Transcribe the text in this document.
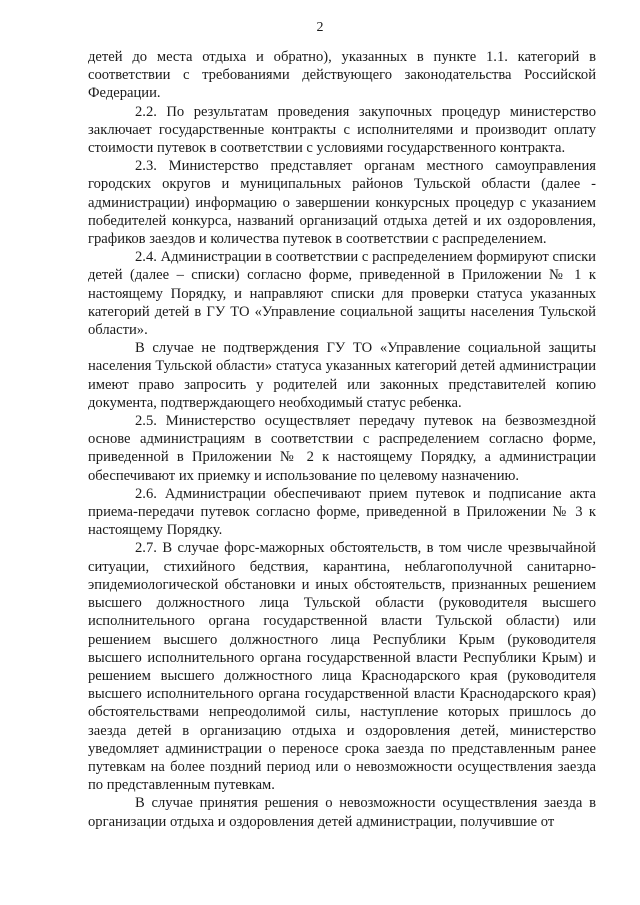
2

детей до места отдыха и обратно), указанных в пункте 1.1. категорий в соответствии с требованиями действующего законодательства Российской Федерации.

2.2. По результатам проведения закупочных процедур министерство заключает государственные контракты с исполнителями и производит оплату стоимости путевок в соответствии с условиями государственного контракта.

2.3. Министерство представляет органам местного самоуправления городских округов и муниципальных районов Тульской области (далее - администрации) информацию о завершении конкурсных процедур с указанием победителей конкурса, названий организаций отдыха детей и их оздоровления, графиков заездов и количества путевок в соответствии с распределением.

2.4. Администрации в соответствии с распределением формируют списки детей (далее – списки) согласно форме, приведенной в Приложении № 1 к настоящему Порядку, и направляют списки для проверки статуса указанных категорий детей в ГУ ТО «Управление социальной защиты населения Тульской области».

В случае не подтверждения ГУ ТО «Управление социальной защиты населения Тульской области» статуса указанных категорий детей администрации имеют право запросить у родителей или законных представителей копию документа, подтверждающего необходимый статус ребенка.

2.5. Министерство осуществляет передачу путевок на безвозмездной основе администрациям в соответствии с распределением согласно форме, приведенной в Приложении № 2 к настоящему Порядку, а администрации обеспечивают их приемку и использование по целевому назначению.

2.6. Администрации обеспечивают прием путевок и подписание акта приема-передачи путевок согласно форме, приведенной в Приложении № 3 к настоящему Порядку.

2.7. В случае форс-мажорных обстоятельств, в том числе чрезвычайной ситуации, стихийного бедствия, карантина, неблагополучной санитарно-эпидемиологической обстановки и иных обстоятельств, признанных решением высшего должностного лица Тульской области (руководителя высшего исполнительного органа государственной власти Тульской области) или решением высшего должностного лица Республики Крым (руководителя высшего исполнительного органа государственной власти Республики Крым) и решением высшего должностного лица Краснодарского края (руководителя высшего исполнительного органа государственной власти Краснодарского края) обстоятельствами непреодолимой силы, наступление которых пришлось до заезда детей в организацию отдыха и оздоровления детей, министерство уведомляет администрации о переносе срока заезда по представленным ранее путевкам на более поздний период или о невозможности осуществления заезда по представленным путевкам.

В случае принятия решения о невозможности осуществления заезда в организации отдыха и оздоровления детей администрации, получившие от
